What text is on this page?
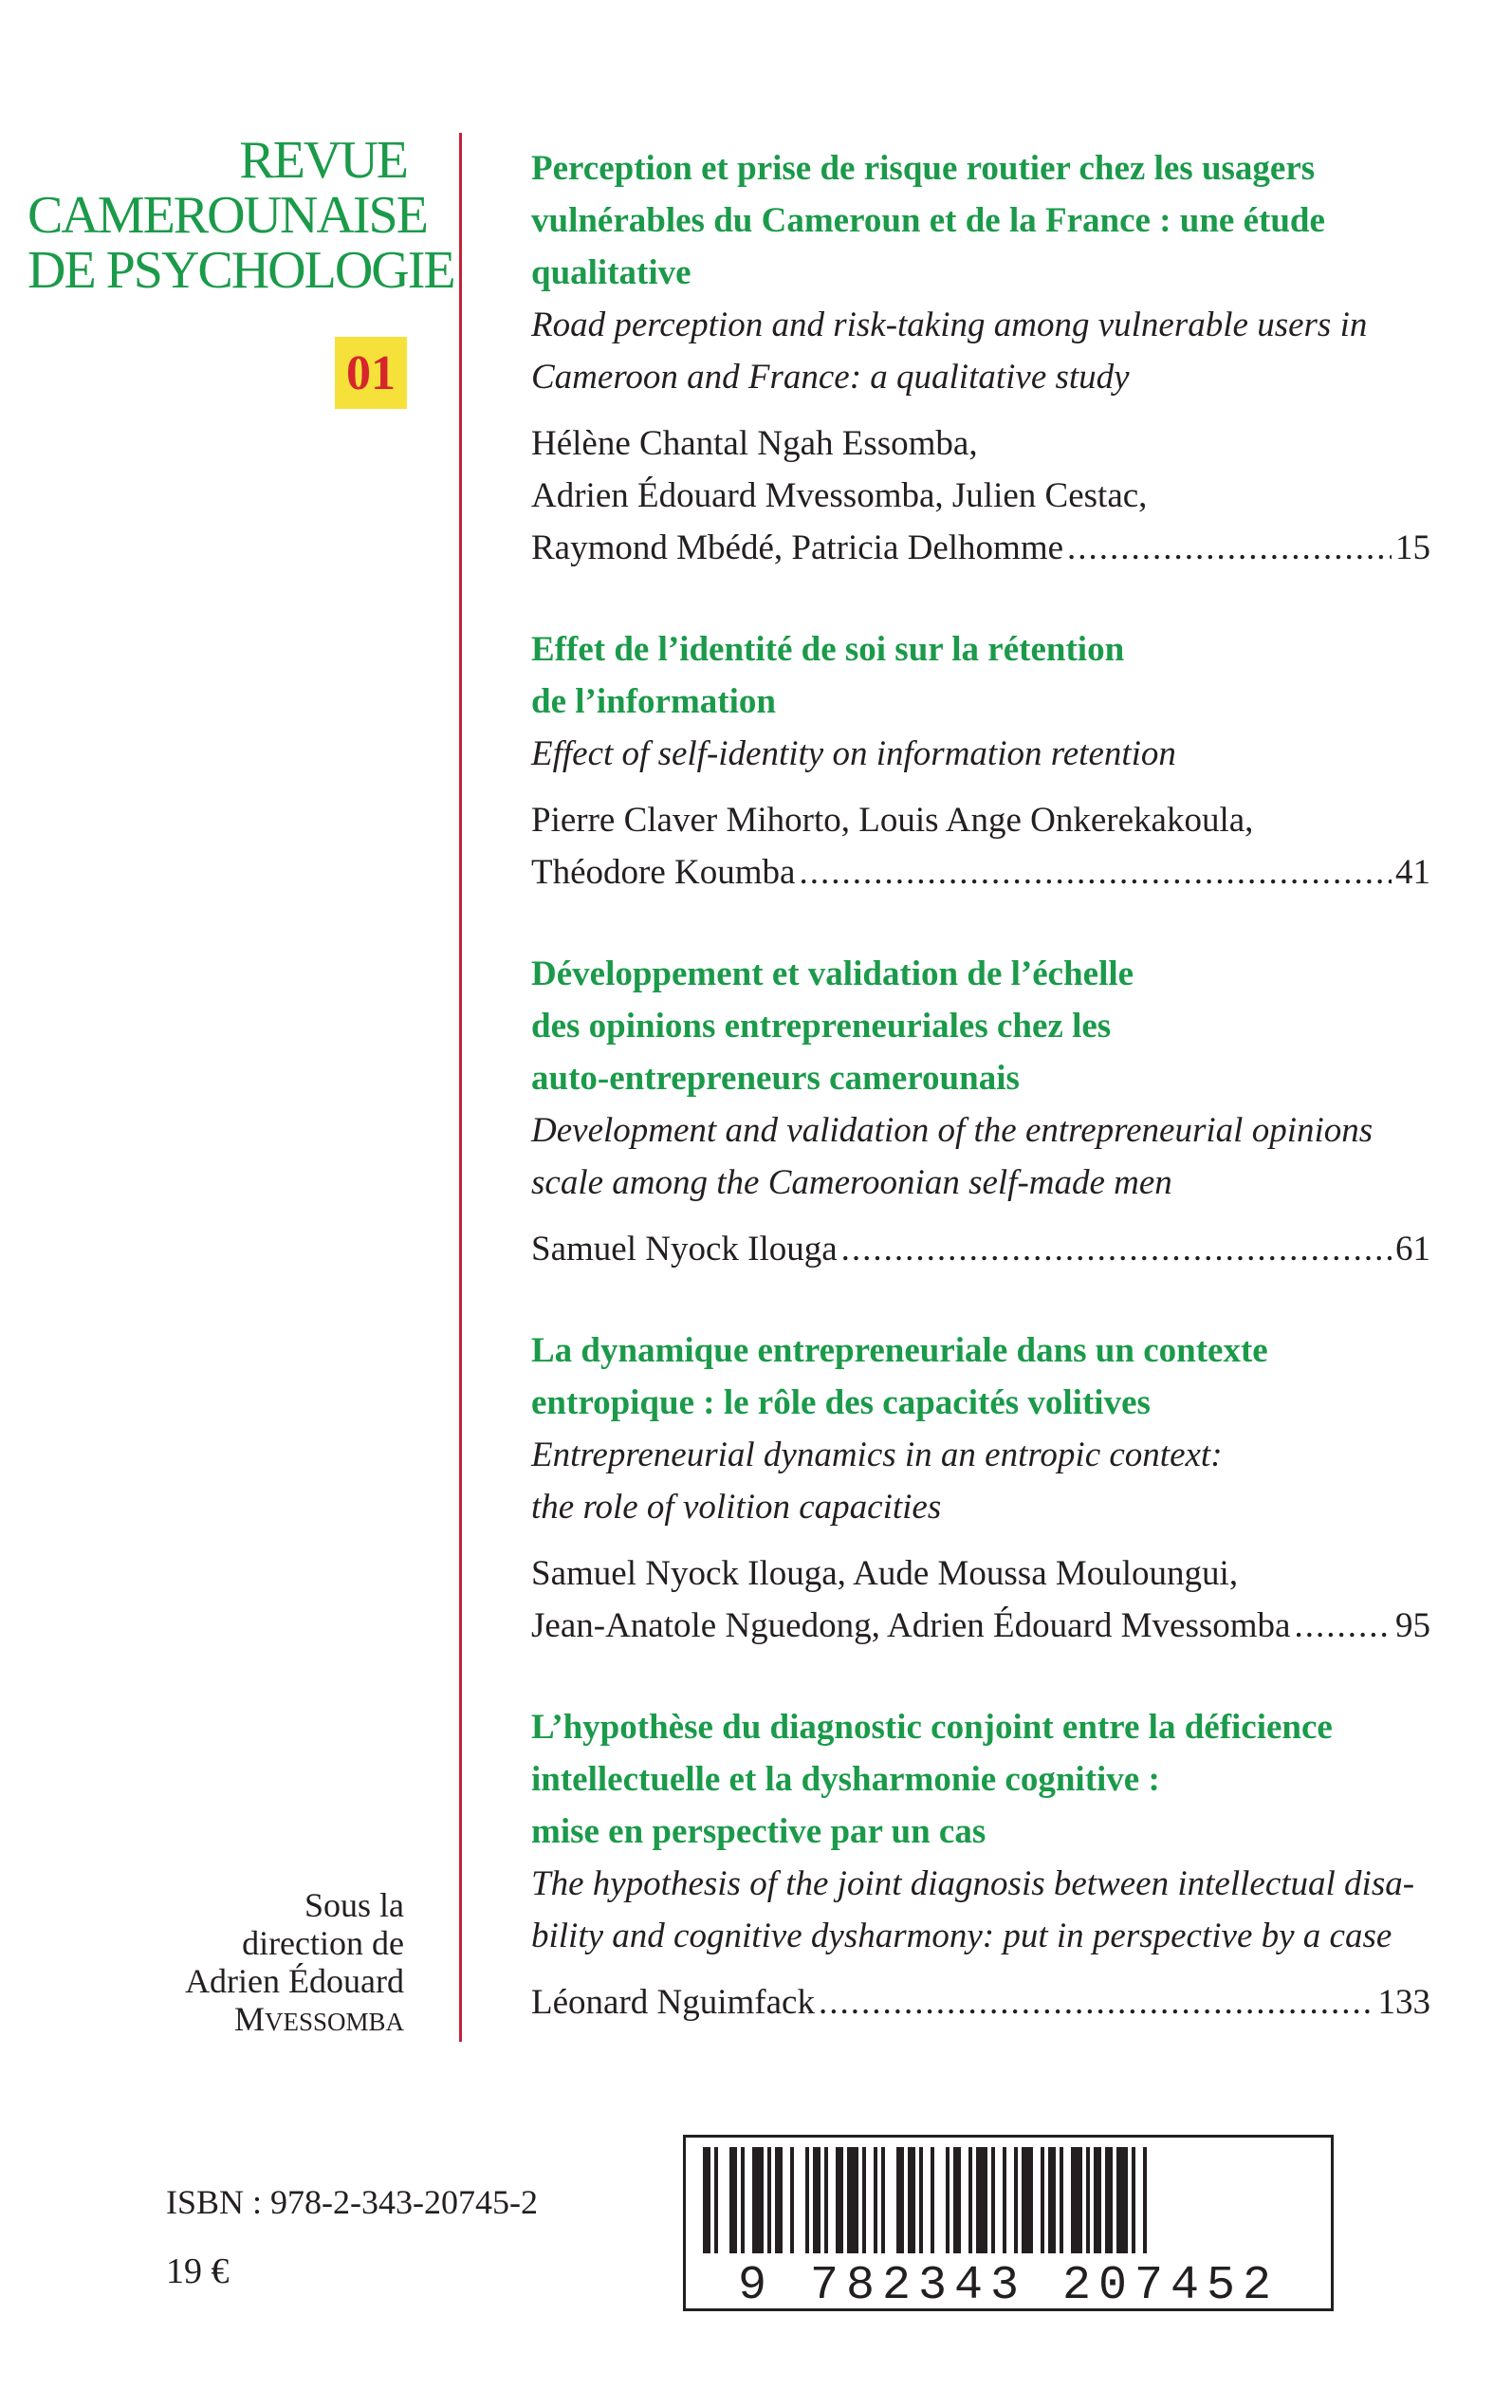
REVUE
CAMEROUNAISE
DE PSYCHOLOGIE
01
Sous la
direction de
Adrien Édouard
MVESSOMBA
Perception et prise de risque routier chez les usagers
vulnérables du Cameroun et de la France : une étude
qualitative
Road perception and risk-taking among vulnerable users in
Cameroon and France: a qualitative study
Hélène Chantal Ngah Essomba,
Adrien Édouard Mvessomba, Julien Cestac,
Raymond Mbédé, Patricia Delhomme .....	15
Effet de l’identité de soi sur la rétention
de l’information
Effect of self-identity on information retention
Pierre Claver Mihorto, Louis Ange Onkerekakoula,
Théodore Koumba .....	41
Développement et validation de l’échelle
des opinions entrepreneuriales chez les
auto-entrepreneurs camerounais
Development and validation of the entrepreneurial opinions
scale among the Cameroonian self-made men
Samuel Nyock Ilouga .....	61
La dynamique entrepreneuriale dans un contexte
entropique : le rôle des capacités volitives
Entrepreneurial dynamics in an entropic context:
the role of volition capacities
Samuel Nyock Ilouga, Aude Moussa Mouloungui,
Jean-Anatole Nguedong, Adrien Édouard Mvessomba .....	95
L’hypothèse du diagnostic conjoint entre la déficience
intellectuelle et la dysharmonie cognitive :
mise en perspective par un cas
The hypothesis of the joint diagnosis between intellectual disa-
bility and cognitive dysharmony: put in perspective by a case
Léonard Nguimfack .....	133
ISBN : 978-2-343-20745-2
19 €	9 782343 207452
